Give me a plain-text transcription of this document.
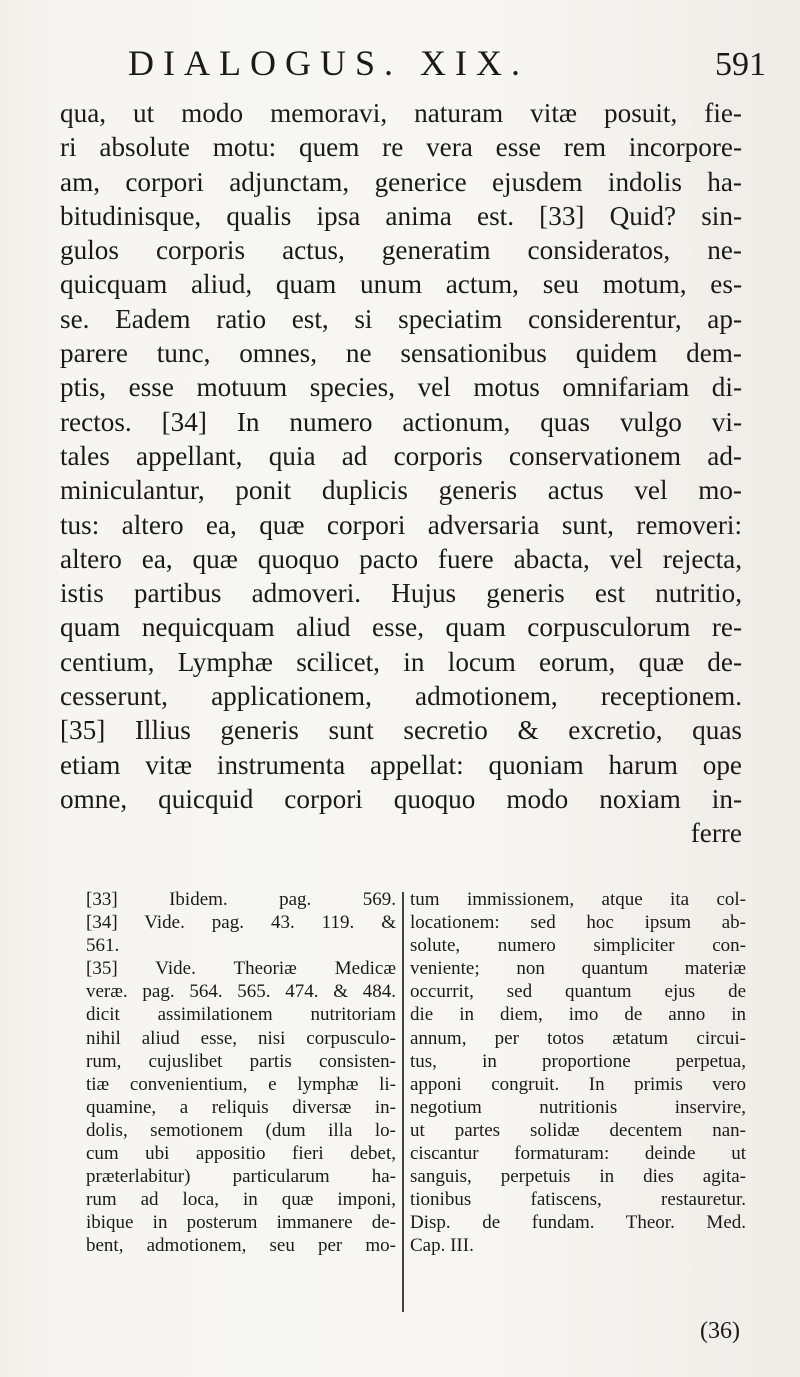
DIALOGUS. XIX.	591
qua, ut modo memoravi, naturam vitæ posuit, fie-
ri absolute motu: quem re vera esse rem incorpore-
am, corpori adjunctam, generice ejusdem indolis ha-
bitudinisque, qualis ipsa anima est. [33] Quid? sin-
gulos corporis actus, generatim consideratos, ne-
quicquam aliud, quam unum actum, seu motum, es-
se. Eadem ratio est, si speciatim considerentur, ap-
parere tunc, omnes, ne sensationibus quidem dem-
ptis, esse motuum species, vel motus omnifariam di-
rectos. [34] In numero actionum, quas vulgo vi-
tales appellant, quia ad corporis conservationem ad-
miniculantur, ponit duplicis generis actus vel mo-
tus: altero ea, quæ corpori adversaria sunt, removeri:
altero ea, quæ quoquo pacto fuere abacta, vel rejecta,
istis partibus admoveri. Hujus generis est nutritio,
quam nequicquam aliud esse, quam corpusculorum re-
centium, Lymphæ scilicet, in locum eorum, quæ de-
cesserunt, applicationem, admotionem, receptionem.
[35] Illius generis sunt secretio & excretio, quas
etiam vitæ instrumenta appellat: quoniam harum ope
omne, quicquid corpori quoquo modo noxiam in-
ferre
[33] Ibidem. pag. 569.
[34] Vide. pag. 43. 119. &
561.
[35] Vide. Theoriæ Medicæ
veræ. pag. 564. 565. 474. & 484.
dicit assimilationem nutritoriam
nihil aliud esse, nisi corpusculo-
rum, cujuslibet partis consisten-
tiæ convenientium, e lymphæ li-
quamine, a reliquis diversæ in-
dolis, semotionem (dum illa lo-
cum ubi appositio fieri debet,
præterlabitur) particularum ha-
rum ad loca, in quæ imponi,
ibique in posterum immanere de-
bent, admotionem, seu per mo-
tum immissionem, atque ita col-
locationem: sed hoc ipsum ab-
solute, numero simpliciter con-
veniente; non quantum materiæ
occurrit, sed quantum ejus de
die in diem, imo de anno in
annum, per totos ætatum circui-
tus, in proportione perpetua,
apponi congruit. In primis vero
negotium nutritionis inservire,
ut partes solidæ decentem nan-
ciscantur formaturam: deinde ut
sanguis, perpetuis in dies agita-
tionibus fatiscens, restauretur.
Disp. de fundam. Theor. Med.
Cap. III.
(36)
